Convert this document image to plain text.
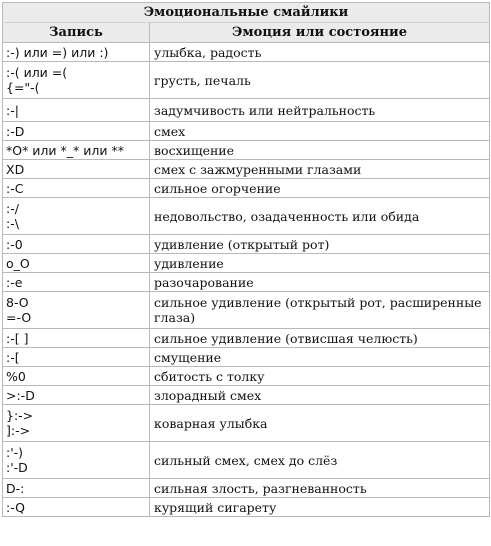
Эмоциональные смайлики	
Запись	Эмоция или состояние
:-) или =) или :)	улыбка, радость
:-( или =(
{="-(	грусть, печаль
:-|	задумчивость или нейтральность
:-D	смех
*O* или *_* или **	восхищение
XD	смех с зажмуренными глазами
:-C	сильное огорчение
:-/
:-\	недовольство, озадаченность или обида
:-0	удивление (открытый рот)
o_O	удивление
:-e	разочарование
8-O
=-O	сильное удивление (открытый рот, расширенные глаза)
:-[ ]	сильное удивление (отвисшая челюсть)
:-[	смущение
%0	сбитость с толку
>:-D	злорадный смех
}:->
]:->	коварная улыбка
:'-)
:'-D	сильный смех, смех до слёз
D-:	сильная злость, разгневанность
:-Q	курящий сигарету
